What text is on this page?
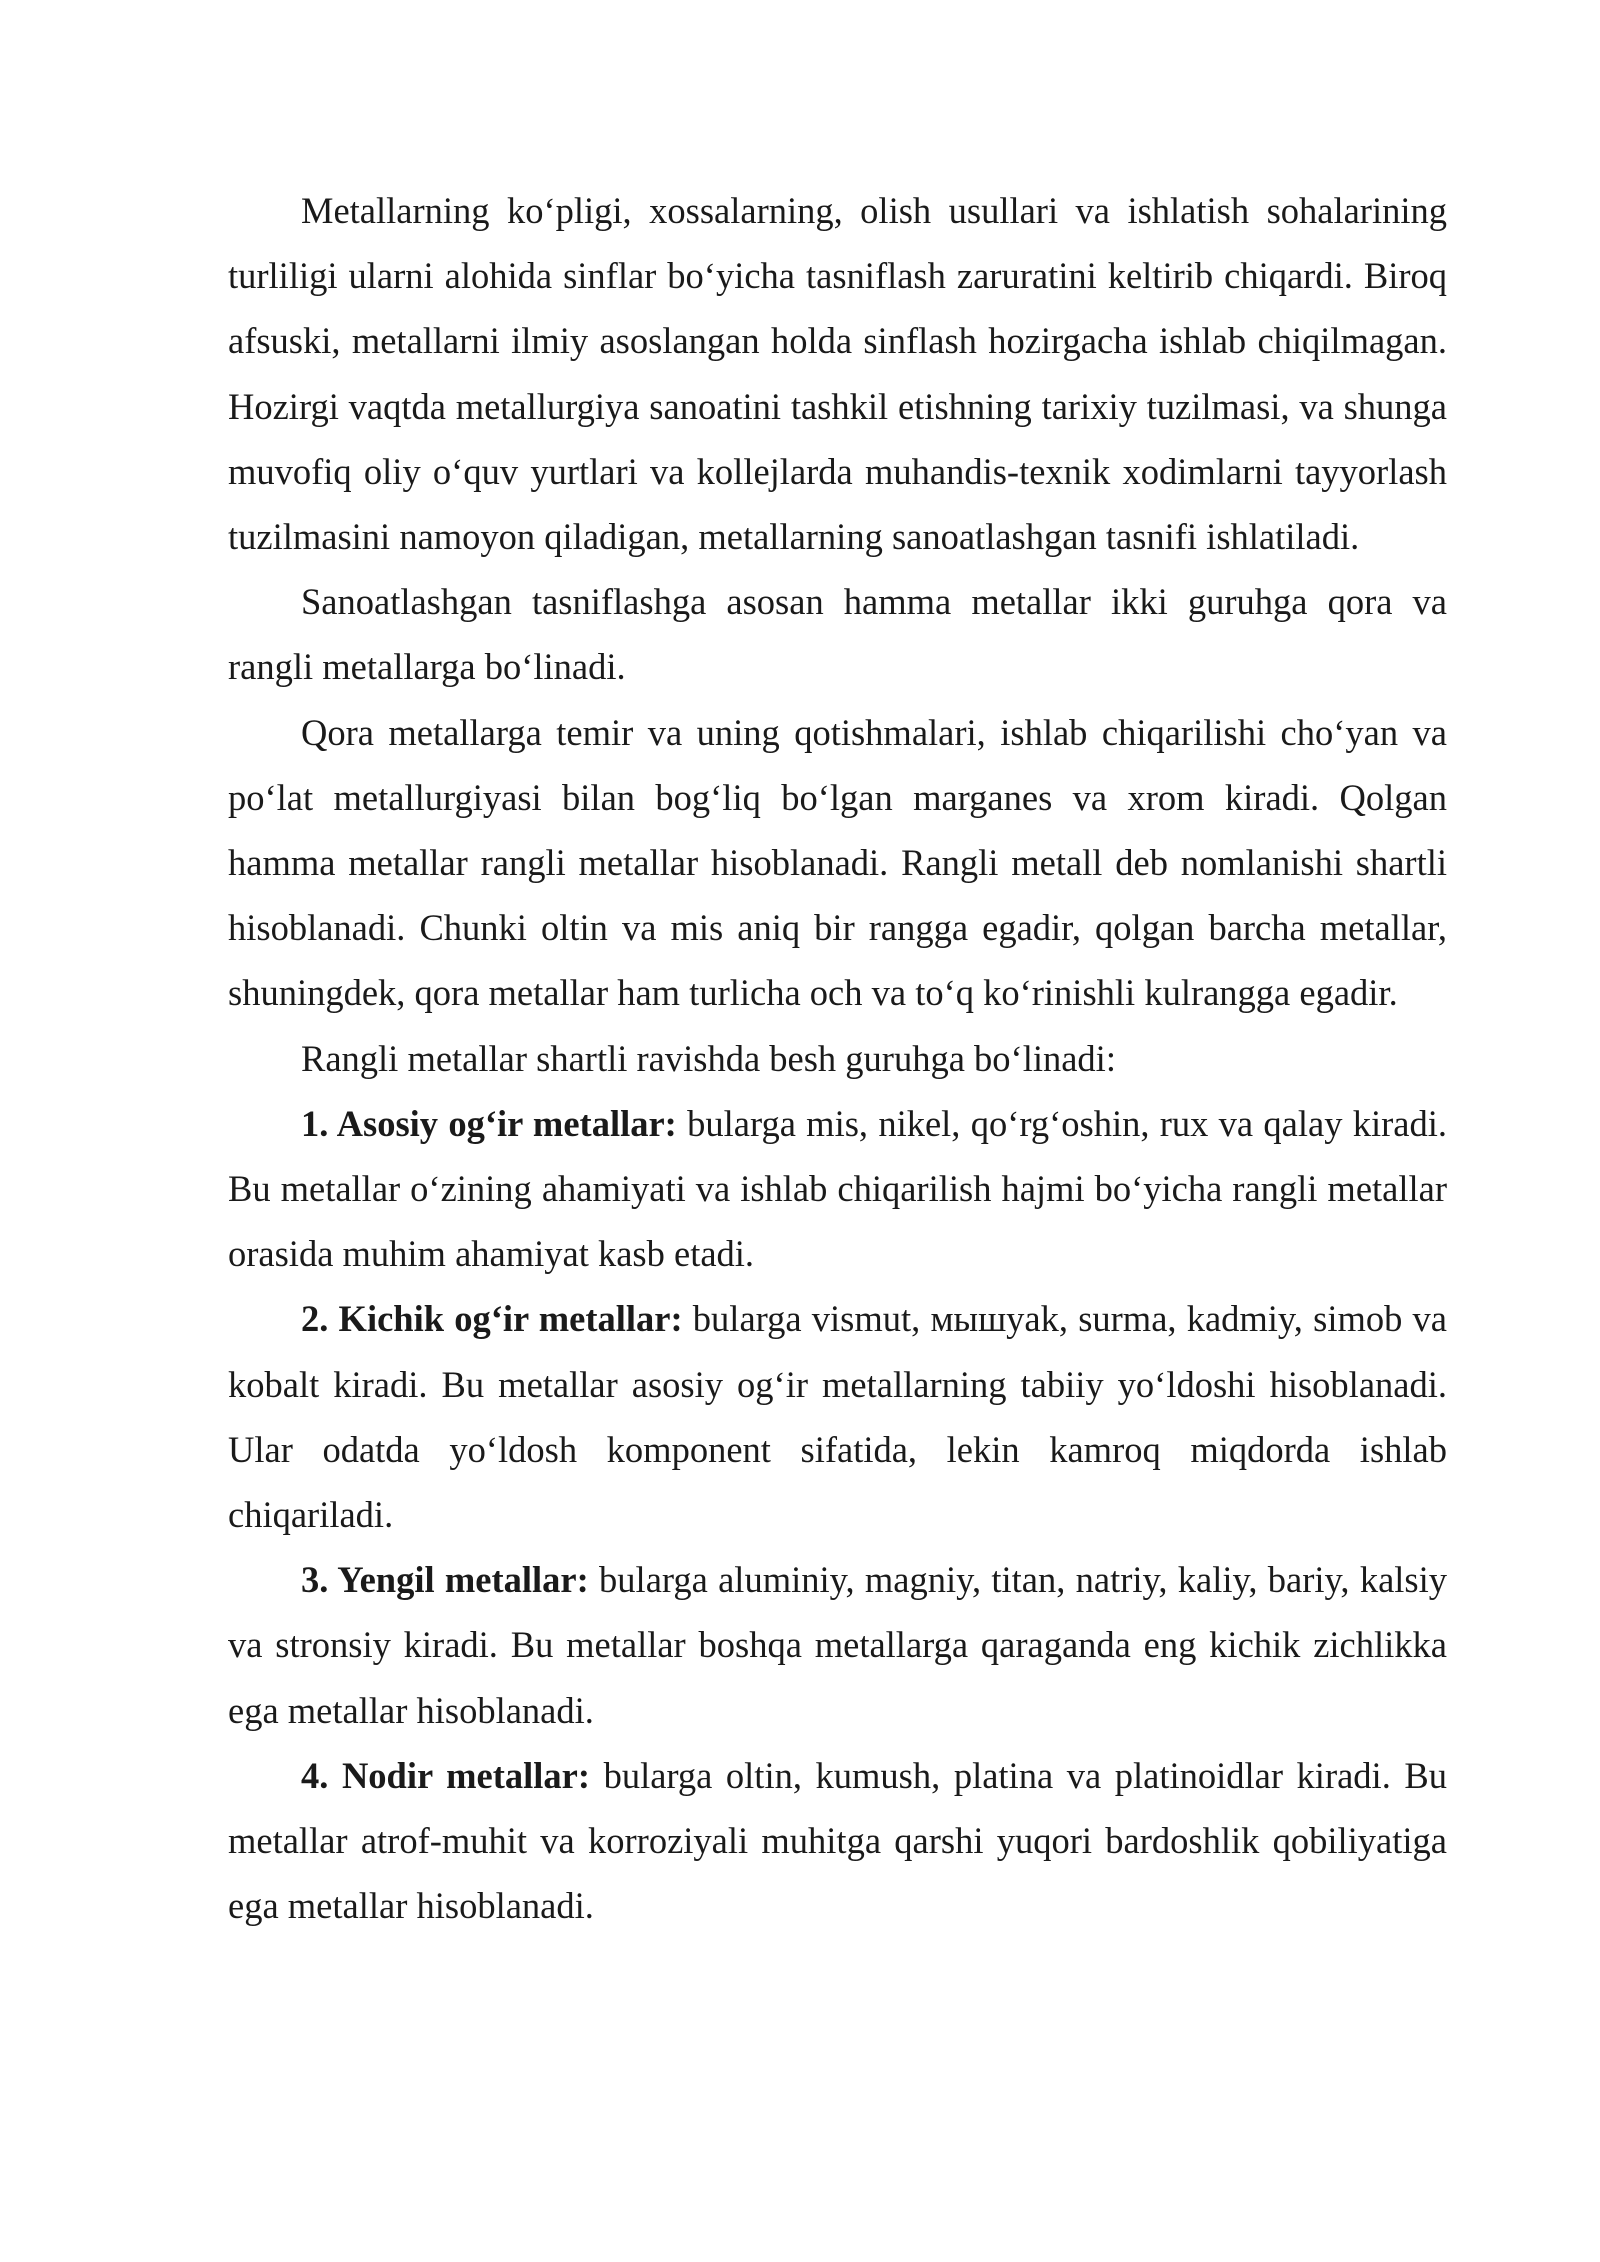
Metallarning koʻpligi, xossalarning, olish usullari va ishlatish sohalarining turliligi ularni alohida sinflar boʻyicha tasniflash zaruratini keltirib chiqardi. Biroq afsuski, metallarni ilmiy asoslangan holda sinflash hozirgacha ishlab chiqilmagan. Hozirgi vaqtda metallurgiya sanoatini tashkil etishning tarixiy tuzilmasi, va shunga muvofiq oliy oʻquv yurtlari va kollejlarda muhandis-texnik xodimlarni tayyorlash tuzilmasini namoyon qiladigan, metallarning sanoatlashgan tasnifi ishlatiladi.

Sanoatlashgan tasniflashga asosan hamma metallar ikki guruhga qora va rangli metallarga boʻlinadi.

Qora metallarga temir va uning qotishmalari, ishlab chiqarilishi choʻyan va poʻlat metallurgiyasi bilan bogʻliq boʻlgan marganes va xrom kiradi. Qolgan hamma metallar rangli metallar hisoblanadi. Rangli metall deb nomlanishi shartli hisoblanadi. Chunki oltin va mis aniq bir rangga egadir, qolgan barcha metallar, shuningdek, qora metallar ham turlicha och va toʻq koʻrinishli kulrangga egadir.

Rangli metallar shartli ravishda besh guruhga boʻlinadi:

1. Asosiy ogʻir metallar: bularga mis, nikel, qoʻrgʻoshin, rux va qalay kiradi. Bu metallar oʻzining ahamiyati va ishlab chiqarilish hajmi boʻyicha rangli metallar orasida muhim ahamiyat kasb etadi.

2. Kichik ogʻir metallar: bularga vismut, мышyak, surma, kadmiy, simob va kobalt kiradi. Bu metallar asosiy ogʻir metallarning tabiiy yoʻldoshi hisoblanadi. Ular odatda yoʻldosh komponent sifatida, lekin kamroq miqdorda ishlab chiqariladi.

3. Yengil metallar: bularga aluminiy, magniy, titan, natriy, kaliy, bariy, kalsiy va stronsiy kiradi. Bu metallar boshqa metallarga qaraganda eng kichik zichlikka ega metallar hisoblanadi.

4. Nodir metallar: bularga oltin, kumush, platina va platinoidlar kiradi. Bu metallar atrof-muhit va korroziyali muhitga qarshi yuqori bardoshlik qobiliyatiga ega metallar hisoblanadi.
